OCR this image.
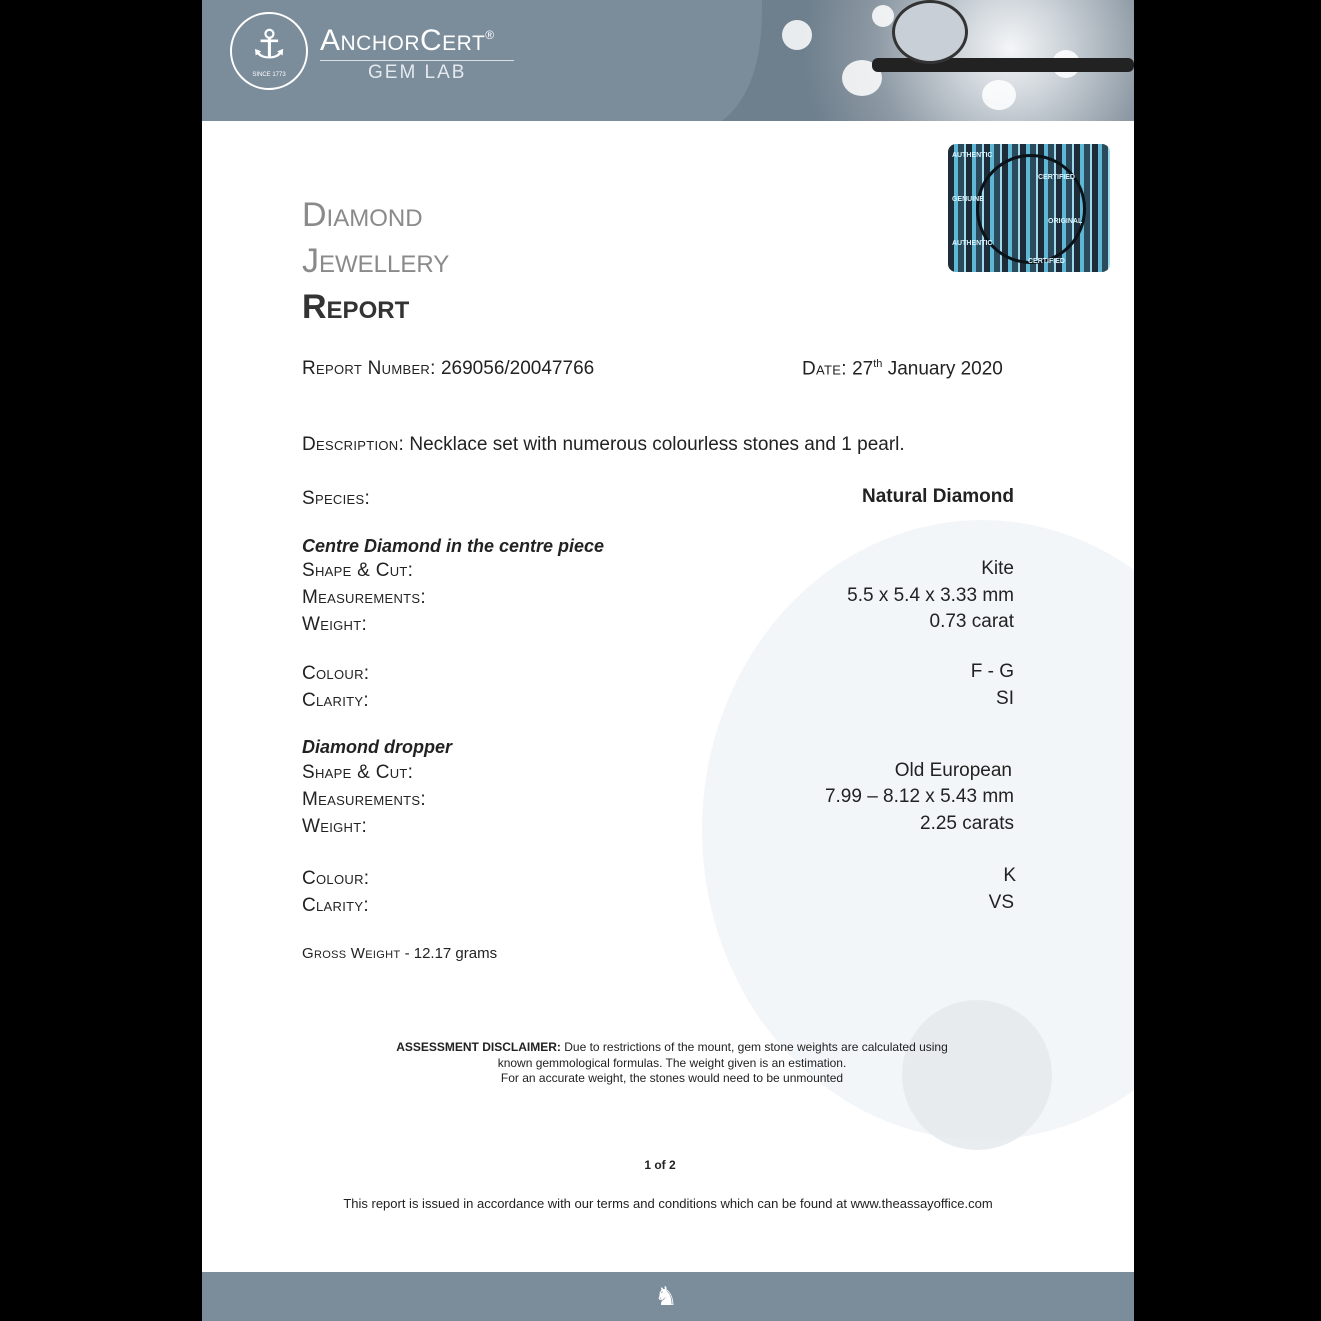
⚓
SINCE 1773
AnchorCert®
GEM LAB
AUTHENTIC
CERTIFIED
GENUINE
ORIGINAL
AUTHENTIC
CERTIFIED
Diamond
Jewellery
Report
Report Number: 269056/20047766	Date: 27th January 2020
Description: Necklace set with numerous colourless stones and 1 pearl.
Species:	Natural Diamond
Centre Diamond in the centre piece
Shape & Cut:	Kite
Measurements:	5.5 x 5.4 x 3.33 mm
Weight:	0.73 carat
Colour:	F - G
Clarity:	SI
Diamond dropper
Shape & Cut:	Old European
Measurements:	7.99 – 8.12 x 5.43 mm
Weight:	2.25 carats
Colour:	K
Clarity:	VS
Gross Weight - 12.17 grams
ASSESSMENT DISCLAIMER: Due to restrictions of the mount, gem stone weights are calculated using
known gemmological formulas. The weight given is an estimation.
For an accurate weight, the stones would need to be unmounted
1 of 2
This report is issued in accordance with our terms and conditions which can be found at www.theassayoffice.com
♞
